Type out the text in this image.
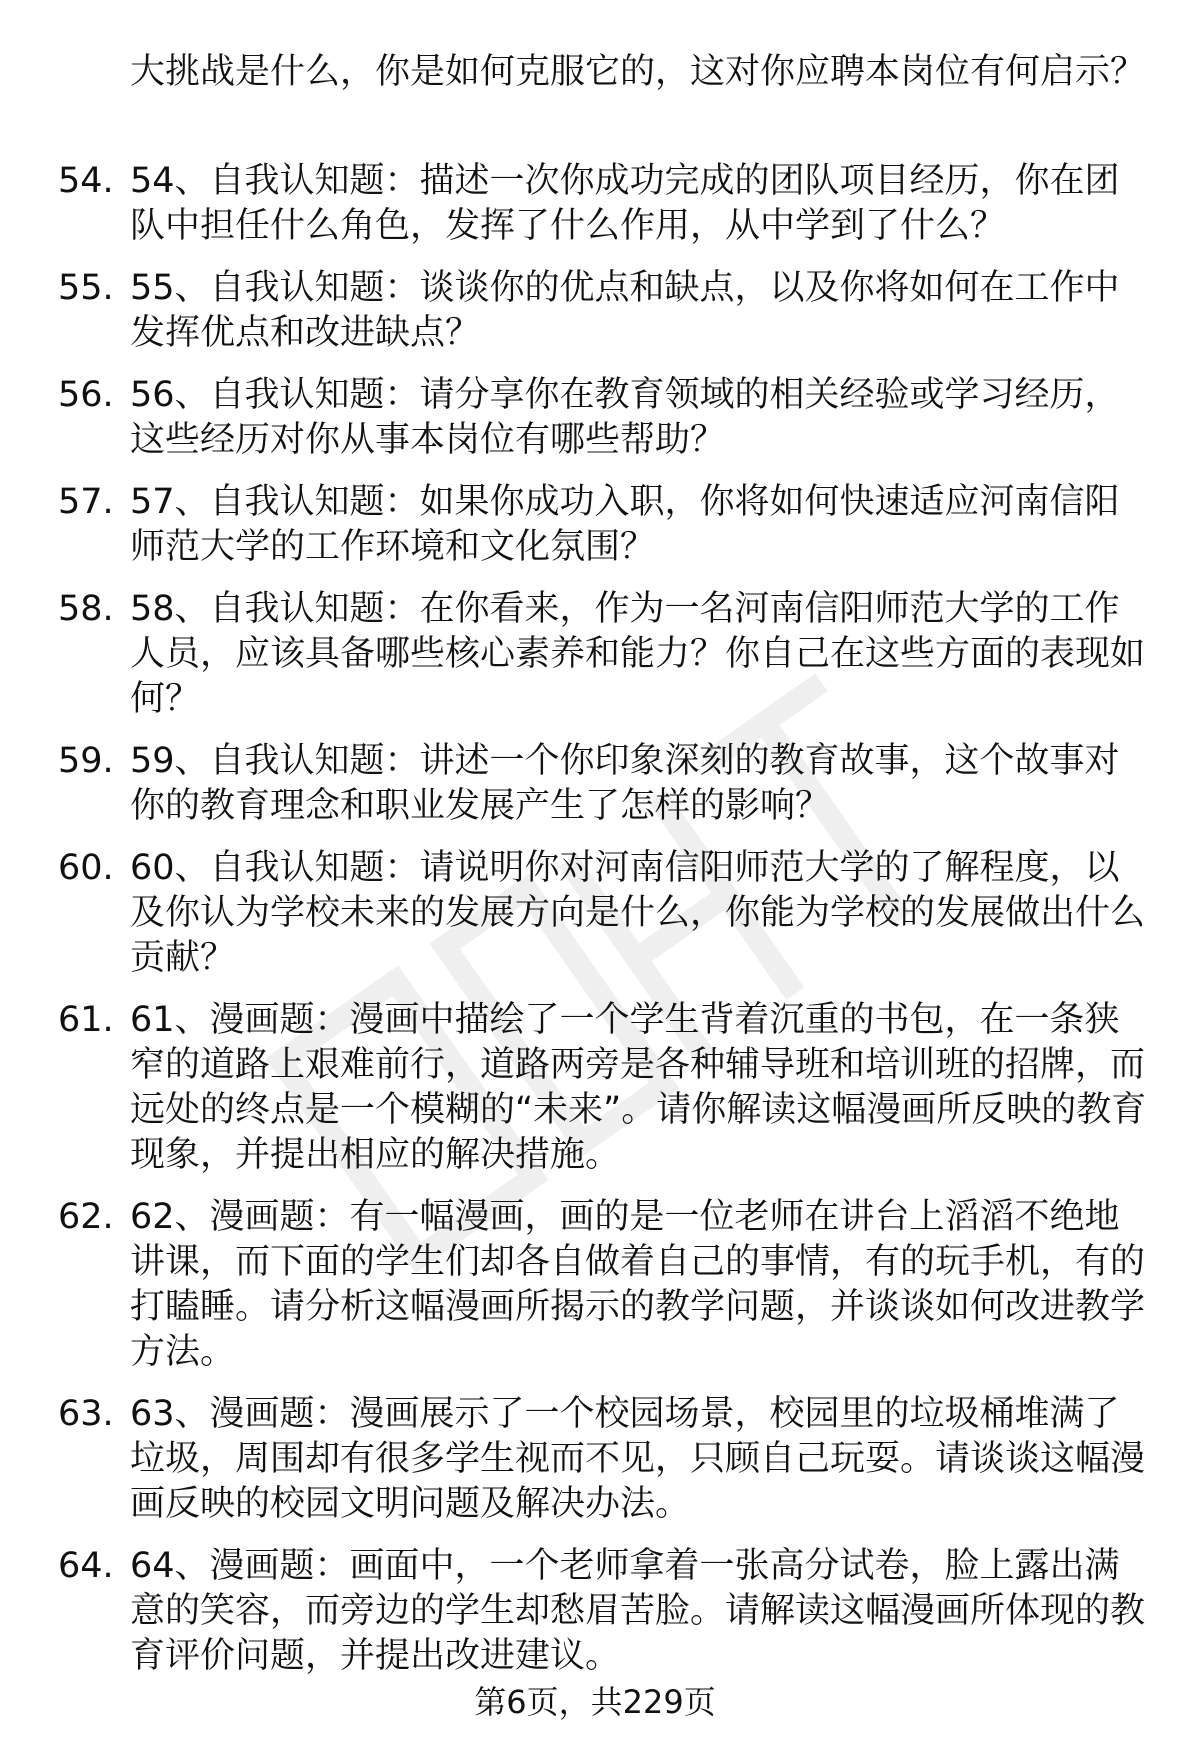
大挑战是什么，你是如何克服它的，这对你应聘本岗位有何启示？
54. 54、自我认知题：描述一次你成功完成的团队项目经历，你在团队中担任什么角色，发挥了什么作用，从中学到了什么？
55. 55、自我认知题：谈谈你的优点和缺点，以及你将如何在工作中发挥优点和改进缺点？
56. 56、自我认知题：请分享你在教育领域的相关经验或学习经历，这些经历对你从事本岗位有哪些帮助？
57. 57、自我认知题：如果你成功入职，你将如何快速适应河南信阳师范大学的工作环境和文化氛围？
58. 58、自我认知题：在你看来，作为一名河南信阳师范大学的工作人员，应该具备哪些核心素养和能力？你自己在这些方面的表现如何？
59. 59、自我认知题：讲述一个你印象深刻的教育故事，这个故事对你的教育理念和职业发展产生了怎样的影响？
60. 60、自我认知题：请说明你对河南信阳师范大学的了解程度，以及你认为学校未来的发展方向是什么，你能为学校的发展做出什么贡献？
61. 61、漫画题：漫画中描绘了一个学生背着沉重的书包，在一条狭窄的道路上艰难前行，道路两旁是各种辅导班和培训班的招牌，而远处的终点是一个模糊的“未来”。请你解读这幅漫画所反映的教育现象，并提出相应的解决措施。
62. 62、漫画题：有一幅漫画，画的是一位老师在讲台上滔滔不绝地讲课，而下面的学生们却各自做着自己的事情，有的玩手机，有的打瞌睡。请分析这幅漫画所揭示的教学问题，并谈谈如何改进教学方法。
63. 63、漫画题：漫画展示了一个校园场景，校园里的垃圾桶堆满了垃圾，周围却有很多学生视而不见，只顾自己玩耍。请谈谈这幅漫画反映的校园文明问题及解决办法。
64. 64、漫画题：画面中，一个老师拿着一张高分试卷，脸上露出满意的笑容，而旁边的学生却愁眉苦脸。请解读这幅漫画所体现的教育评价问题，并提出改进建议。
第6页，共229页
